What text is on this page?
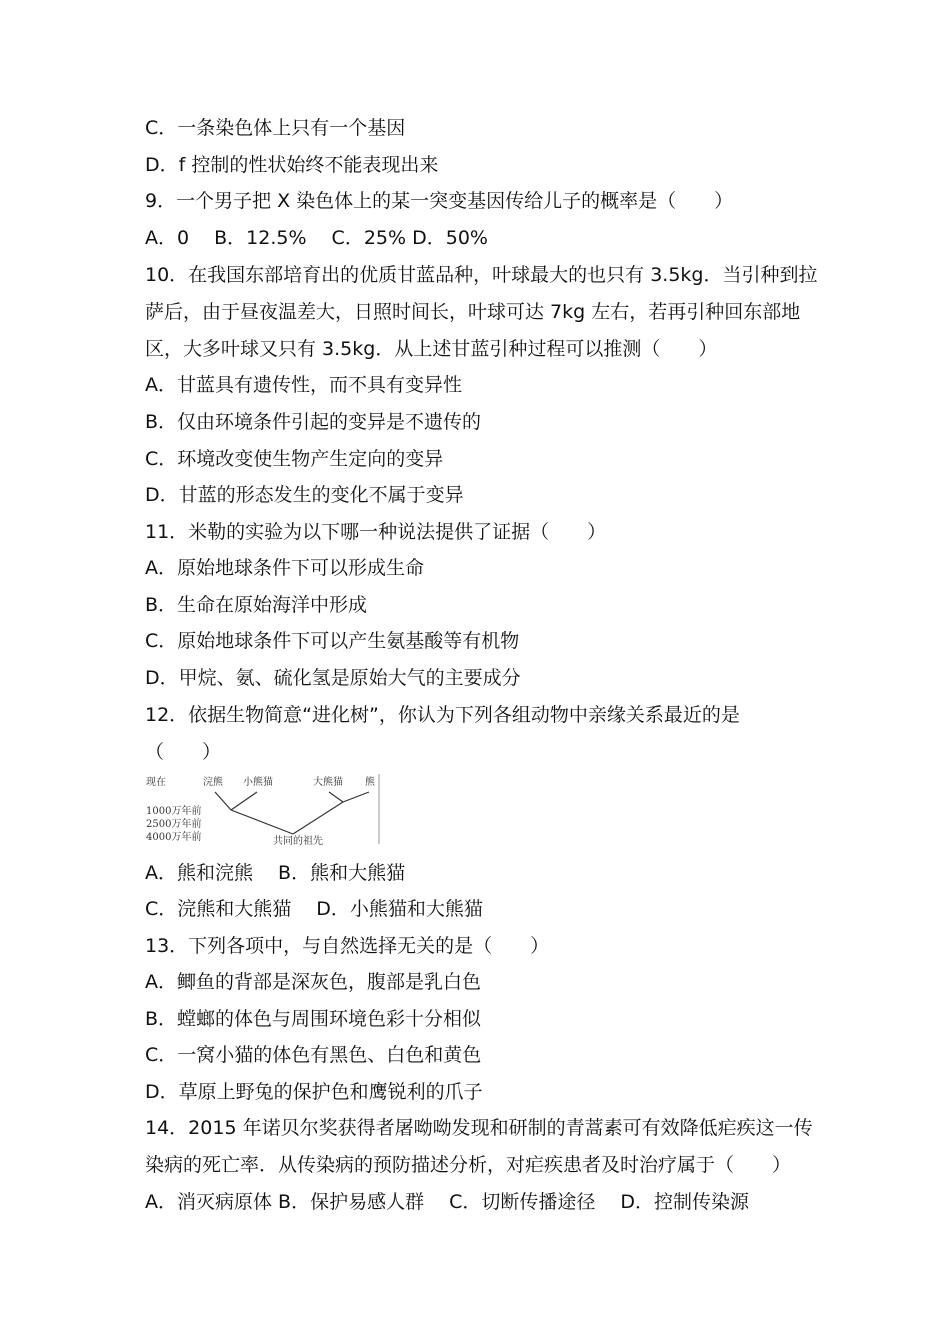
C．一条染色体上只有一个基因
D．f 控制的性状始终不能表现出来
9．一个男子把 X 染色体上的某一突变基因传给儿子的概率是（　　）
A．0　 B．12.5%　 C．25% D．50%
10．在我国东部培育出的优质甘蓝品种，叶球最大的也只有 3.5kg．当引种到拉
萨后，由于昼夜温差大，日照时间长，叶球可达 7kg 左右，若再引种回东部地
区，大多叶球又只有 3.5kg．从上述甘蓝引种过程可以推测（　　）
A．甘蓝具有遗传性，而不具有变异性
B．仅由环境条件引起的变异是不遗传的
C．环境改变使生物产生定向的变异
D．甘蓝的形态发生的变化不属于变异
11．米勒的实验为以下哪一种说法提供了证据（　　）
A．原始地球条件下可以形成生命
B．生命在原始海洋中形成
C．原始地球条件下可以产生氨基酸等有机物
D．甲烷、氨、硫化氢是原始大气的主要成分
12．依据生物简意“进化树”，你认为下列各组动物中亲缘关系最近的是
（　　）
现在
1000万年前
2500万年前
4000万年前
浣熊 小熊猫	大熊猫 熊
共同的祖先
A．熊和浣熊　 B．熊和大熊猫
C．浣熊和大熊猫　 D．小熊猫和大熊猫
13．下列各项中，与自然选择无关的是（　　）
A．鲫鱼的背部是深灰色，腹部是乳白色
B．螳螂的体色与周围环境色彩十分相似
C．一窝小猫的体色有黑色、白色和黄色
D．草原上野兔的保护色和鹰锐利的爪子
14．2015 年诺贝尔奖获得者屠呦呦发现和研制的青蒿素可有效降低疟疾这一传
染病的死亡率．从传染病的预防描述分析，对疟疾患者及时治疗属于（　　）
A．消灭病原体 B．保护易感人群　 C．切断传播途径　 D．控制传染源
